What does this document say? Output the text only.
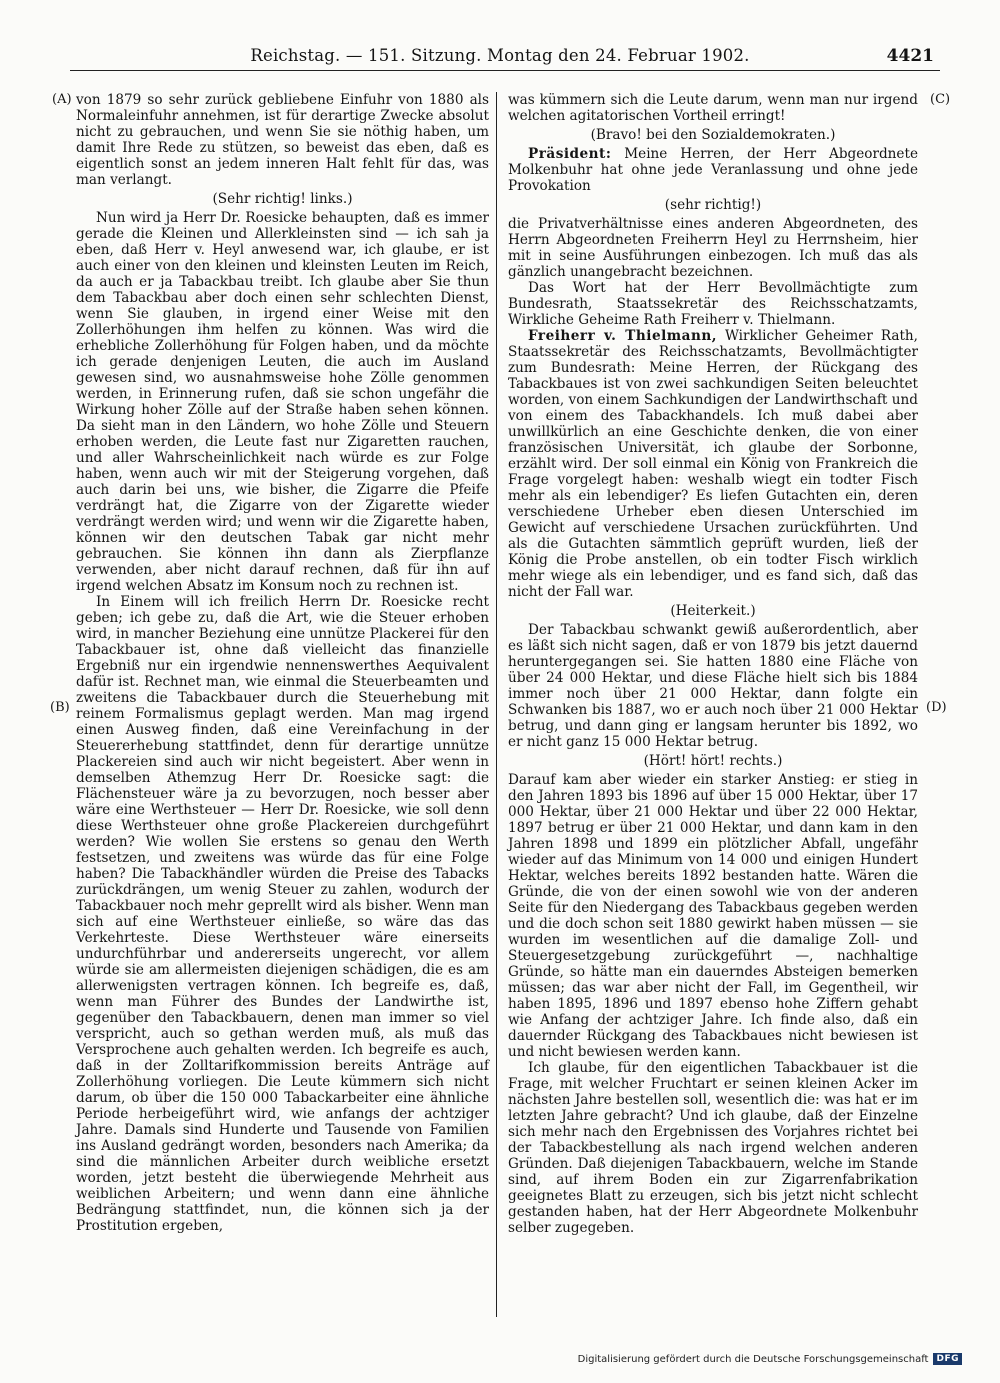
Reichstag. — 151. Sitzung. Montag den 24. Februar 1902.	4421
(A)
(B)
(C)
(D)

von 1879 so sehr zurück gebliebene Einfuhr von 1880 als Normaleinfuhr annehmen, ist für derartige Zwecke absolut nicht zu gebrauchen, und wenn Sie sie nöthig haben, um damit Ihre Rede zu stützen, so beweist das eben, daß es eigentlich sonst an jedem inneren Halt fehlt für das, was man verlangt.

(Sehr richtig! links.)

Nun wird ja Herr Dr. Roesicke behaupten, daß es immer gerade die Kleinen und Allerkleinsten sind — ich sah ja eben, daß Herr v. Heyl anwesend war, ich glaube, er ist auch einer von den kleinen und kleinsten Leuten im Reich, da auch er ja Tabackbau treibt. Ich glaube aber Sie thun dem Tabackbau aber doch einen sehr schlechten Dienst, wenn Sie glauben, in irgend einer Weise mit den Zollerhöhungen ihm helfen zu können. Was wird die erhebliche Zollerhöhung für Folgen haben, und da möchte ich gerade denjenigen Leuten, die auch im Ausland gewesen sind, wo ausnahmsweise hohe Zölle genommen werden, in Erinnerung rufen, daß sie schon ungefähr die Wirkung hoher Zölle auf der Straße haben sehen können. Da sieht man in den Ländern, wo hohe Zölle und Steuern erhoben werden, die Leute fast nur Zigaretten rauchen, und aller Wahrscheinlichkeit nach würde es zur Folge haben, wenn auch wir mit der Steigerung vorgehen, daß auch darin bei uns, wie bisher, die Zigarre die Pfeife verdrängt hat, die Zigarre von der Zigarette wieder verdrängt werden wird; und wenn wir die Zigarette haben, können wir den deutschen Tabak gar nicht mehr gebrauchen. Sie können ihn dann als Zierpflanze verwenden, aber nicht darauf rechnen, daß für ihn auf irgend welchen Absatz im Konsum noch zu rechnen ist.

In Einem will ich freilich Herrn Dr. Roesicke recht geben; ich gebe zu, daß die Art, wie die Steuer erhoben wird, in mancher Beziehung eine unnütze Plackerei für den Tabackbauer ist, ohne daß vielleicht das finanzielle Ergebniß nur ein irgendwie nennenswerthes Aequivalent dafür ist. Rechnet man, wie einmal die Steuerbeamten und zweitens die Tabackbauer durch die Steuerhebung mit reinem Formalismus geplagt werden. Man mag irgend einen Ausweg finden, daß eine Vereinfachung in der Steuererhebung stattfindet, denn für derartige unnütze Plackereien sind auch wir nicht begeistert. Aber wenn in demselben Athemzug Herr Dr. Roesicke sagt: die Flächensteuer wäre ja zu bevorzugen, noch besser aber wäre eine Werthsteuer — Herr Dr. Roesicke, wie soll denn diese Werthsteuer ohne große Plackereien durchgeführt werden? Wie wollen Sie erstens so genau den Werth festsetzen, und zweitens was würde das für eine Folge haben? Die Tabackhändler würden die Preise des Tabacks zurückdrängen, um wenig Steuer zu zahlen, wodurch der Tabackbauer noch mehr geprellt wird als bisher. Wenn man sich auf eine Werthsteuer einließe, so wäre das das Verkehrteste. Diese Werthsteuer wäre einerseits undurchführbar und andererseits ungerecht, vor allem würde sie am allermeisten diejenigen schädigen, die es am allerwenigsten vertragen können. Ich begreife es, daß, wenn man Führer des Bundes der Landwirthe ist, gegenüber den Tabackbauern, denen man immer so viel verspricht, auch so gethan werden muß, als muß das Versprochene auch gehalten werden. Ich begreife es auch, daß in der Zolltarifkommission bereits Anträge auf Zollerhöhung vorliegen. Die Leute kümmern sich nicht darum, ob über die 150 000 Tabackarbeiter eine ähnliche Periode herbeigeführt wird, wie anfangs der achtziger Jahre. Damals sind Hunderte und Tausende von Familien ins Ausland gedrängt worden, besonders nach Amerika; da sind die männlichen Arbeiter durch weibliche ersetzt worden, jetzt besteht die überwiegende Mehrheit aus weiblichen Arbeitern; und wenn dann eine ähnliche Bedrängung stattfindet, nun, die können sich ja der Prostitution ergeben,

was kümmern sich die Leute darum, wenn man nur irgend welchen agitatorischen Vortheil erringt!

(Bravo! bei den Sozialdemokraten.)

Präsident: Meine Herren, der Herr Abgeordnete Molkenbuhr hat ohne jede Veranlassung und ohne jede Provokation

(sehr richtig!)

die Privatverhältnisse eines anderen Abgeordneten, des Herrn Abgeordneten Freiherrn Heyl zu Herrnsheim, hier mit in seine Ausführungen einbezogen. Ich muß das als gänzlich unangebracht bezeichnen.

Das Wort hat der Herr Bevollmächtigte zum Bundesrath, Staatssekretär des Reichsschatzamts, Wirkliche Geheime Rath Freiherr v. Thielmann.

Freiherr v. Thielmann, Wirklicher Geheimer Rath, Staatssekretär des Reichsschatzamts, Bevollmächtigter zum Bundesrath: Meine Herren, der Rückgang des Tabackbaues ist von zwei sachkundigen Seiten beleuchtet worden, von einem Sachkundigen der Landwirthschaft und von einem des Tabackhandels. Ich muß dabei aber unwillkürlich an eine Geschichte denken, die von einer französischen Universität, ich glaube der Sorbonne, erzählt wird. Der soll einmal ein König von Frankreich die Frage vorgelegt haben: weshalb wiegt ein todter Fisch mehr als ein lebendiger? Es liefen Gutachten ein, deren verschiedene Urheber eben diesen Unterschied im Gewicht auf verschiedene Ursachen zurückführten. Und als die Gutachten sämmtlich geprüft wurden, ließ der König die Probe anstellen, ob ein todter Fisch wirklich mehr wiege als ein lebendiger, und es fand sich, daß das nicht der Fall war.

(Heiterkeit.)

Der Tabackbau schwankt gewiß außerordentlich, aber es läßt sich nicht sagen, daß er von 1879 bis jetzt dauernd heruntergegangen sei. Sie hatten 1880 eine Fläche von über 24 000 Hektar, und diese Fläche hielt sich bis 1884 immer noch über 21 000 Hektar, dann folgte ein Schwanken bis 1887, wo er auch noch über 21 000 Hektar betrug, und dann ging er langsam herunter bis 1892, wo er nicht ganz 15 000 Hektar betrug.

(Hört! hört! rechts.)

Darauf kam aber wieder ein starker Anstieg: er stieg in den Jahren 1893 bis 1896 auf über 15 000 Hektar, über 17 000 Hektar, über 21 000 Hektar und über 22 000 Hektar, 1897 betrug er über 21 000 Hektar, und dann kam in den Jahren 1898 und 1899 ein plötzlicher Abfall, ungefähr wieder auf das Minimum von 14 000 und einigen Hundert Hektar, welches bereits 1892 bestanden hatte. Wären die Gründe, die von der einen sowohl wie von der anderen Seite für den Niedergang des Tabackbaus gegeben werden und die doch schon seit 1880 gewirkt haben müssen — sie wurden im wesentlichen auf die damalige Zoll- und Steuergesetzgebung zurückgeführt —, nachhaltige Gründe, so hätte man ein dauerndes Absteigen bemerken müssen; das war aber nicht der Fall, im Gegentheil, wir haben 1895, 1896 und 1897 ebenso hohe Ziffern gehabt wie Anfang der achtziger Jahre. Ich finde also, daß ein dauernder Rückgang des Tabackbaues nicht bewiesen ist und nicht bewiesen werden kann.

Ich glaube, für den eigentlichen Tabackbauer ist die Frage, mit welcher Fruchtart er seinen kleinen Acker im nächsten Jahre bestellen soll, wesentlich die: was hat er im letzten Jahre gebracht? Und ich glaube, daß der Einzelne sich mehr nach den Ergebnissen des Vorjahres richtet bei der Tabackbestellung als nach irgend welchen anderen Gründen. Daß diejenigen Tabackbauern, welche im Stande sind, auf ihrem Boden ein zur Zigarrenfabrikation geeignetes Blatt zu erzeugen, sich bis jetzt nicht schlecht gestanden haben, hat der Herr Abgeordnete Molkenbuhr selber zugegeben.

Digitalisierung gefördert durch die Deutsche Forschungsgemeinschaft DFG
